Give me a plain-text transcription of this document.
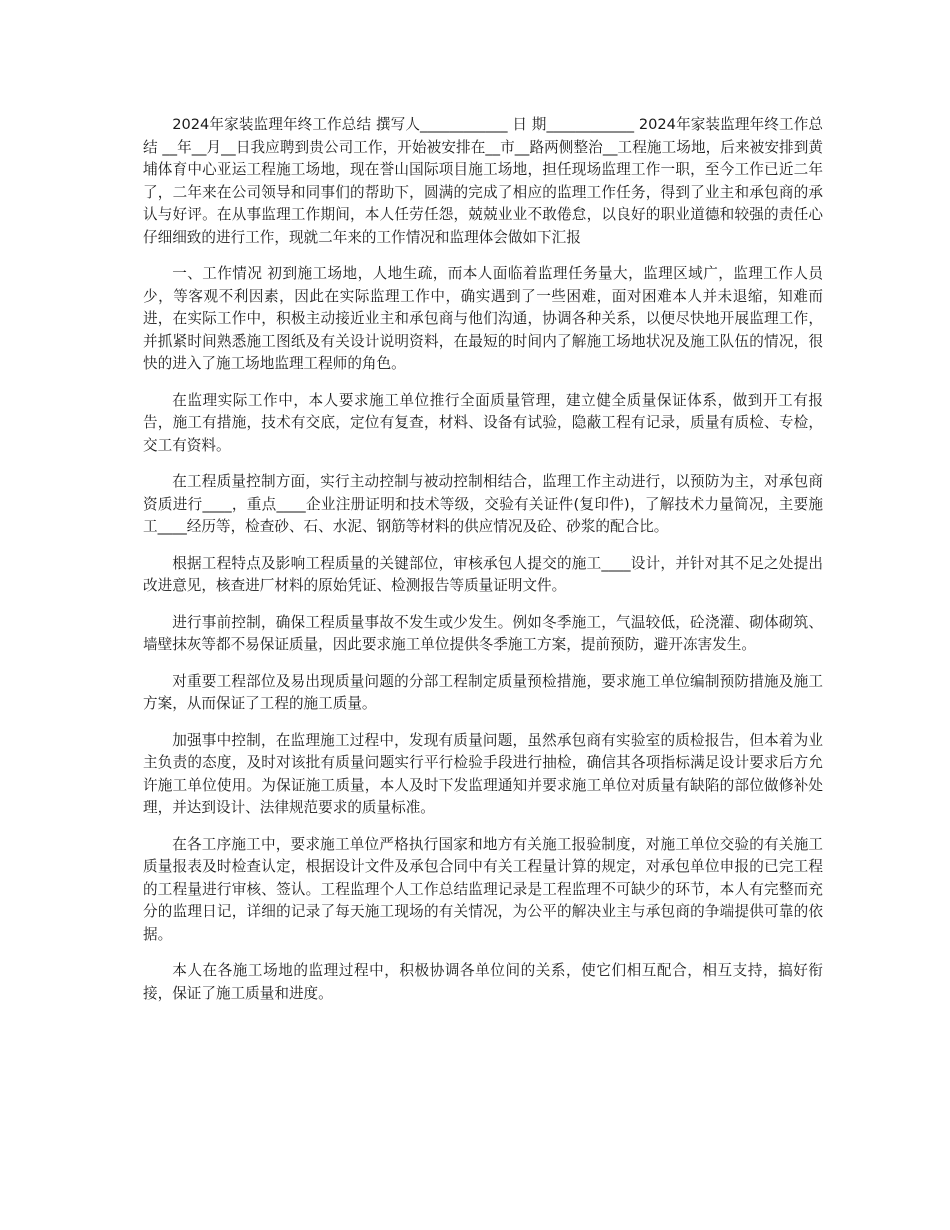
2024年家装监理年终工作总结 撰写人____________ 日 期____________ 2024年家装监理年终工作总结 __年__月__日我应聘到贵公司工作，开始被安排在__市__路两侧整治__工程施工场地，后来被安排到黄埔体育中心亚运工程施工场地，现在誉山国际项目施工场地，担任现场监理工作一职，至今工作已近二年了，二年来在公司领导和同事们的帮助下，圆满的完成了相应的监理工作任务，得到了业主和承包商的承认与好评。在从事监理工作期间，本人任劳任怨，兢兢业业不敢倦怠，以良好的职业道德和较强的责任心仔细细致的进行工作，现就二年来的工作情况和监理体会做如下汇报

一、工作情况 初到施工场地，人地生疏，而本人面临着监理任务量大，监理区域广，监理工作人员少，等客观不利因素，因此在实际监理工作中，确实遇到了一些困难，面对困难本人并未退缩，知难而进，在实际工作中，积极主动接近业主和承包商与他们沟通，协调各种关系，以便尽快地开展监理工作，并抓紧时间熟悉施工图纸及有关设计说明资料，在最短的时间内了解施工场地状况及施工队伍的情况，很快的进入了施工场地监理工程师的角色。

在监理实际工作中，本人要求施工单位推行全面质量管理，建立健全质量保证体系，做到开工有报告，施工有措施，技术有交底，定位有复查，材料、设备有试验，隐蔽工程有记录，质量有质检、专检，交工有资料。

在工程质量控制方面，实行主动控制与被动控制相结合，监理工作主动进行，以预防为主，对承包商资质进行____，重点____企业注册证明和技术等级，交验有关证件(复印件)，了解技术力量简况，主要施工____经历等，检查砂、石、水泥、钢筋等材料的供应情况及砼、砂浆的配合比。

根据工程特点及影响工程质量的关键部位，审核承包人提交的施工____设计，并针对其不足之处提出改进意见，核查进厂材料的原始凭证、检测报告等质量证明文件。

进行事前控制，确保工程质量事故不发生或少发生。例如冬季施工，气温较低，砼浇灌、砌体砌筑、墙壁抹灰等都不易保证质量，因此要求施工单位提供冬季施工方案，提前预防，避开冻害发生。

对重要工程部位及易出现质量问题的分部工程制定质量预检措施，要求施工单位编制预防措施及施工方案，从而保证了工程的施工质量。

加强事中控制，在监理施工过程中，发现有质量问题，虽然承包商有实验室的质检报告，但本着为业主负责的态度，及时对该批有质量问题实行平行检验手段进行抽检，确信其各项指标满足设计要求后方允许施工单位使用。为保证施工质量，本人及时下发监理通知并要求施工单位对质量有缺陷的部位做修补处理，并达到设计、法律规范要求的质量标准。

在各工序施工中，要求施工单位严格执行国家和地方有关施工报验制度，对施工单位交验的有关施工质量报表及时检查认定，根据设计文件及承包合同中有关工程量计算的规定，对承包单位申报的已完工程的工程量进行审核、签认。工程监理个人工作总结监理记录是工程监理不可缺少的环节，本人有完整而充分的监理日记，详细的记录了每天施工现场的有关情况，为公平的解决业主与承包商的争端提供可靠的依据。

本人在各施工场地的监理过程中，积极协调各单位间的关系，使它们相互配合，相互支持，搞好衔接，保证了施工质量和进度。
